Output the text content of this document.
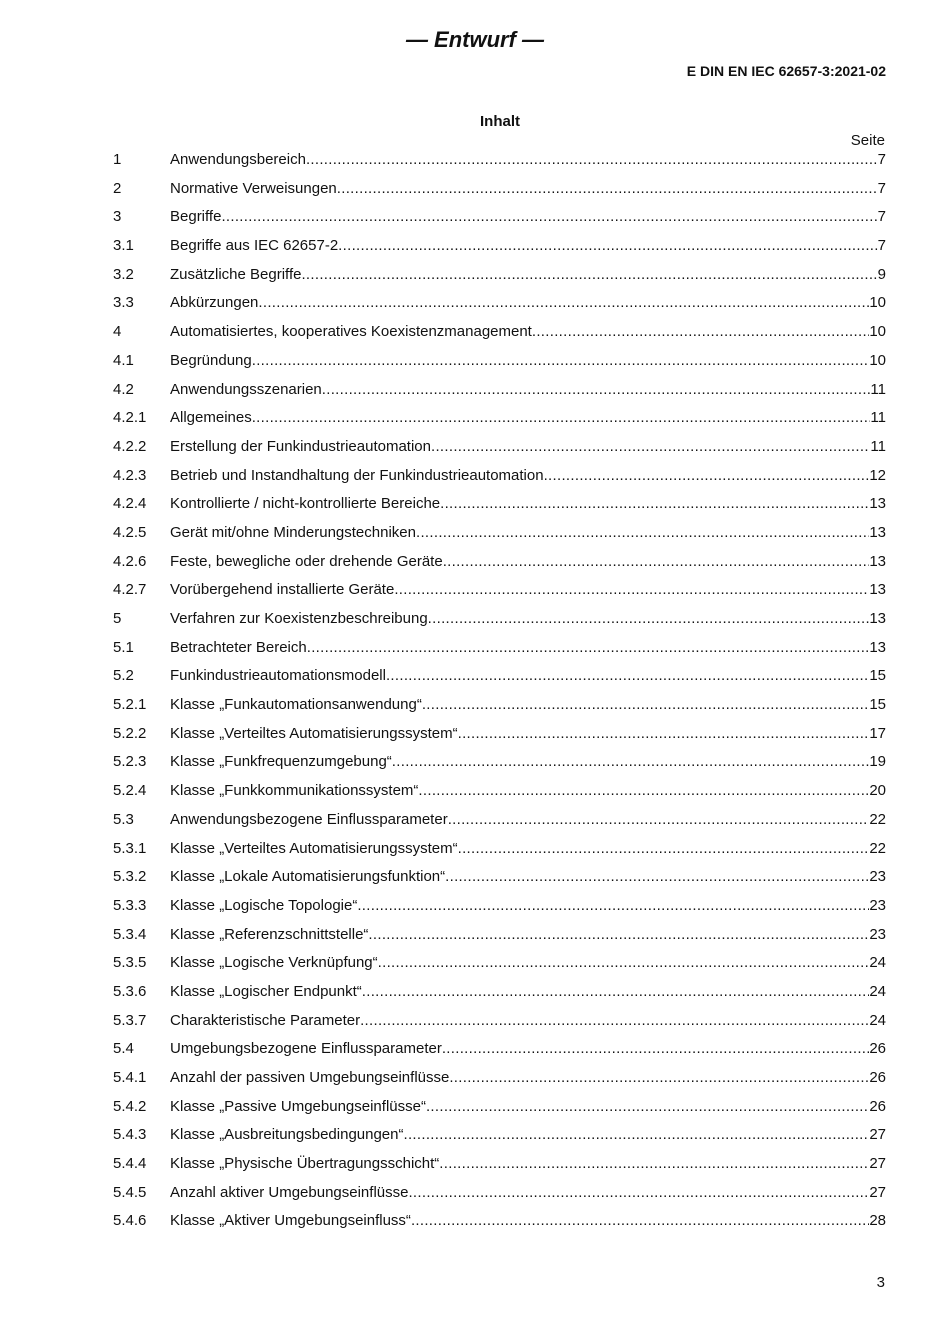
— Entwurf —
E DIN EN IEC 62657-3:2021-02
Inhalt
Seite
1	Anwendungsbereich .....	7
2	Normative Verweisungen .....	7
3	Begriffe .....	7
3.1	Begriffe aus IEC 62657-2 .....	7
3.2	Zusätzliche Begriffe .....	9
3.3	Abkürzungen .....	10
4	Automatisiertes, kooperatives Koexistenzmanagement .....	10
4.1	Begründung .....	10
4.2	Anwendungsszenarien .....	11
4.2.1	Allgemeines .....	11
4.2.2	Erstellung der Funkindustrieautomation .....	11
4.2.3	Betrieb und Instandhaltung der Funkindustrieautomation .....	12
4.2.4	Kontrollierte / nicht-kontrollierte Bereiche .....	13
4.2.5	Gerät mit/ohne Minderungstechniken .....	13
4.2.6	Feste, bewegliche oder drehende Geräte .....	13
4.2.7	Vorübergehend installierte Geräte .....	13
5	Verfahren zur Koexistenzbeschreibung .....	13
5.1	Betrachteter Bereich .....	13
5.2	Funkindustrieautomationsmodell .....	15
5.2.1	Klasse „Funkautomationsanwendung“ .....	15
5.2.2	Klasse „Verteiltes Automatisierungssystem“ .....	17
5.2.3	Klasse „Funkfrequenzumgebung“ .....	19
5.2.4	Klasse „Funkkommunikationssystem“ .....	20
5.3	Anwendungsbezogene Einflussparameter .....	22
5.3.1	Klasse „Verteiltes Automatisierungssystem“ .....	22
5.3.2	Klasse „Lokale Automatisierungsfunktion“ .....	23
5.3.3	Klasse „Logische Topologie“ .....	23
5.3.4	Klasse „Referenzschnittstelle“ .....	23
5.3.5	Klasse „Logische Verknüpfung“ .....	24
5.3.6	Klasse „Logischer Endpunkt“ .....	24
5.3.7	Charakteristische Parameter .....	24
5.4	Umgebungsbezogene Einflussparameter .....	26
5.4.1	Anzahl der passiven Umgebungseinflüsse .....	26
5.4.2	Klasse „Passive Umgebungseinflüsse“ .....	26
5.4.3	Klasse „Ausbreitungsbedingungen“ .....	27
5.4.4	Klasse „Physische Übertragungsschicht“ .....	27
5.4.5	Anzahl aktiver Umgebungseinflüsse .....	27
5.4.6	Klasse „Aktiver Umgebungseinfluss“ .....	28
3
